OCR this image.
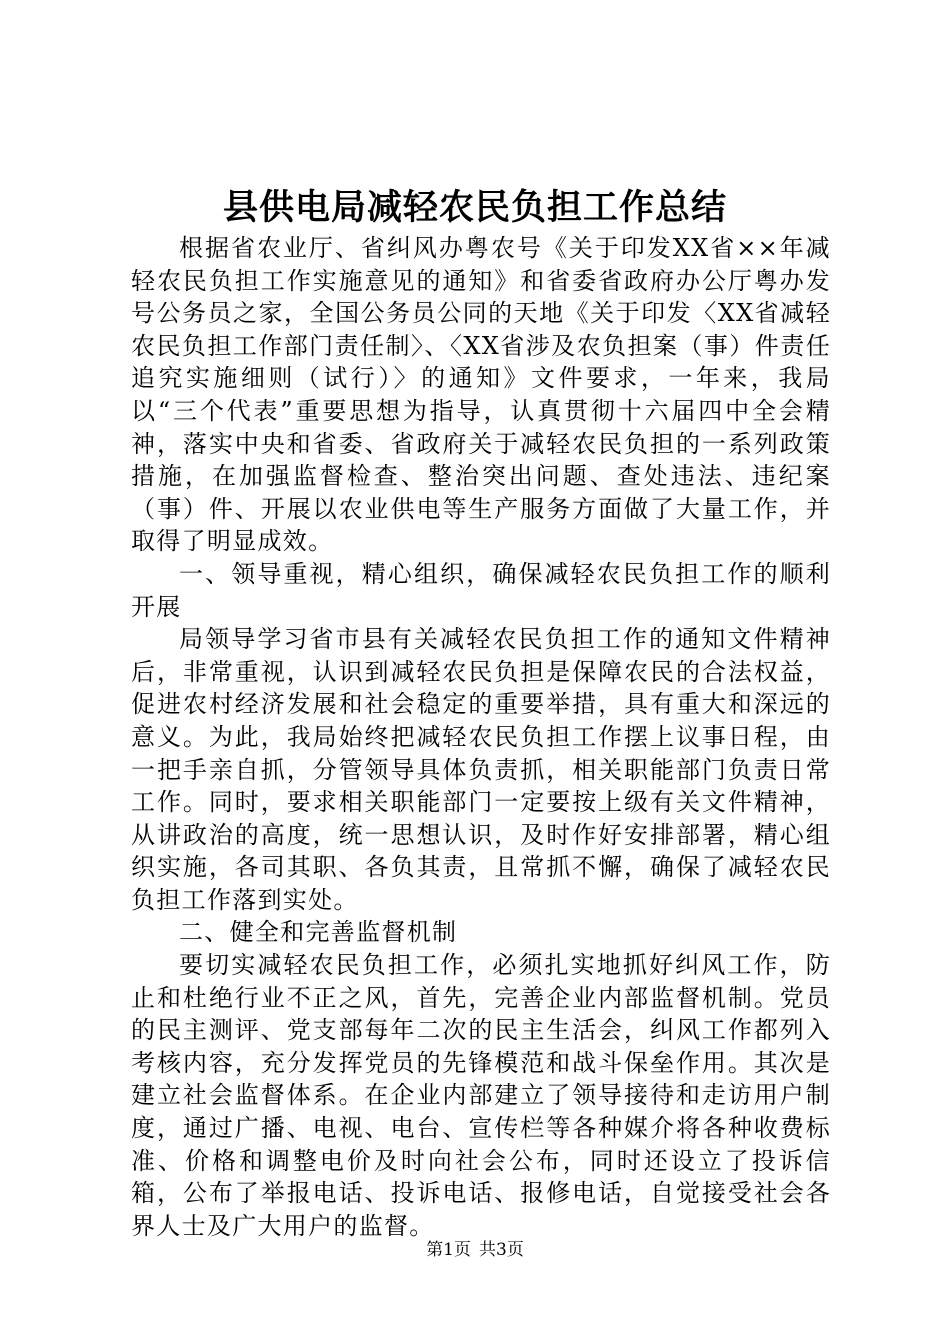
县供电局减轻农民负担工作总结

根据省农业厅、省纠风办粤农号《关于印发XX省××年减轻农民负担工作实施意见的通知》和省委省政府办公厅粤办发号公务员之家，全国公务员公同的天地《关于印发〈XX省减轻农民负担工作部门责任制〉、〈XX省涉及农负担案（事）件责任追究实施细则（试行）〉的通知》文件要求，一年来，我局以“三个代表”重要思想为指导，认真贯彻十六届四中全会精神，落实中央和省委、省政府关于减轻农民负担的一系列政策措施，在加强监督检查、整治突出问题、查处违法、违纪案（事）件、开展以农业供电等生产服务方面做了大量工作，并取得了明显成效。

一、领导重视，精心组织，确保减轻农民负担工作的顺利开展

局领导学习省市县有关减轻农民负担工作的通知文件精神后，非常重视，认识到减轻农民负担是保障农民的合法权益，促进农村经济发展和社会稳定的重要举措，具有重大和深远的意义。为此，我局始终把减轻农民负担工作摆上议事日程，由一把手亲自抓，分管领导具体负责抓，相关职能部门负责日常工作。同时，要求相关职能部门一定要按上级有关文件精神，从讲政治的高度，统一思想认识，及时作好安排部署，精心组织实施，各司其职、各负其责，且常抓不懈，确保了减轻农民负担工作落到实处。

二、健全和完善监督机制

要切实减轻农民负担工作，必须扎实地抓好纠风工作，防止和杜绝行业不正之风，首先，完善企业内部监督机制。党员的民主测评、党支部每年二次的民主生活会，纠风工作都列入考核内容，充分发挥党员的先锋模范和战斗保垒作用。其次是建立社会监督体系。在企业内部建立了领导接待和走访用户制度，通过广播、电视、电台、宣传栏等各种媒介将各种收费标准、价格和调整电价及时向社会公布，同时还设立了投诉信箱，公布了举报电话、投诉电话、报修电话，自觉接受社会各界人士及广大用户的监督。

第1页 共3页
